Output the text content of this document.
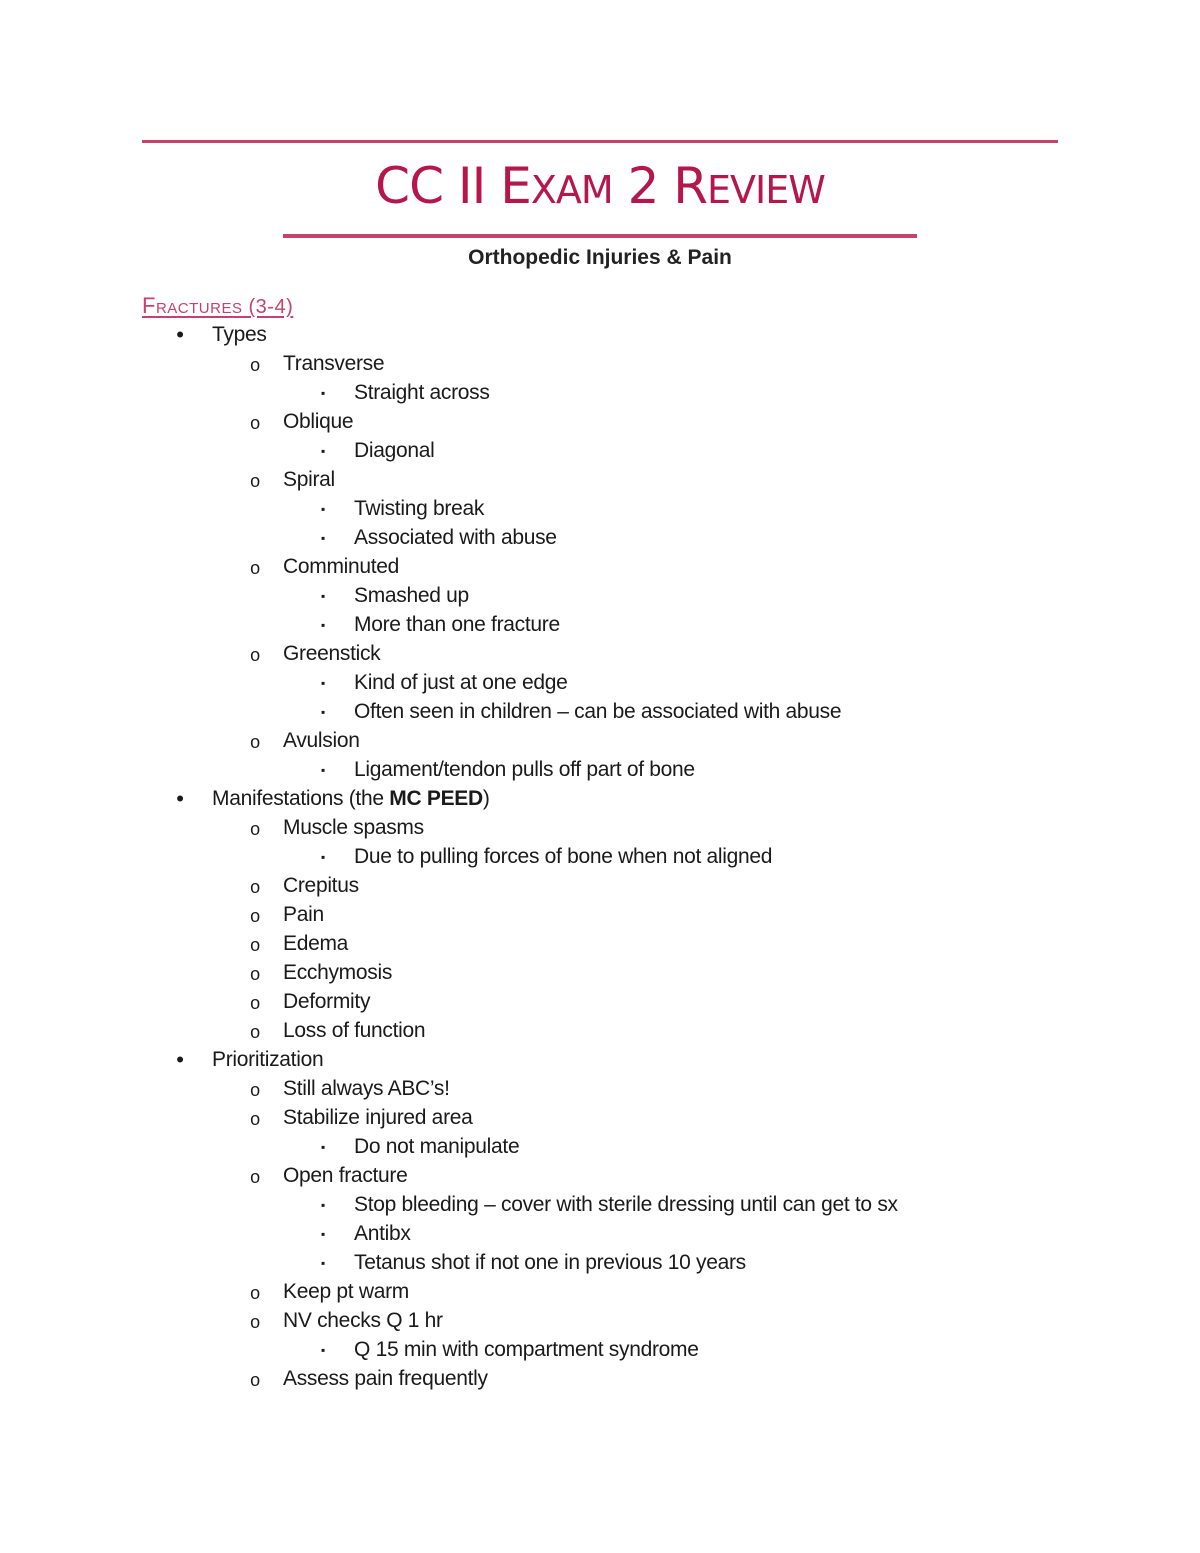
CC II EXAM 2 REVIEW
Orthopedic Injuries & Pain
FRACTURES (3-4)
• Types
o Transverse
▪	Straight across
o Oblique
▪	Diagonal
o Spiral
▪	Twisting break
▪	Associated with abuse
o Comminuted
▪	Smashed up
▪	More than one fracture
o Greenstick
▪	Kind of just at one edge
▪	Often seen in children – can be associated with abuse
o Avulsion
▪	Ligament/tendon pulls off part of bone
• Manifestations (the MC PEED)
o Muscle spasms
▪	Due to pulling forces of bone when not aligned
o Crepitus
o Pain
o Edema
o Ecchymosis
o Deformity
o Loss of function
• Prioritization
o Still always ABC’s!
o Stabilize injured area
▪	Do not manipulate
o Open fracture
▪	Stop bleeding – cover with sterile dressing until can get to sx
▪	Antibx
▪	Tetanus shot if not one in previous 10 years
o Keep pt warm
o NV checks Q 1 hr
▪	Q 15 min with compartment syndrome
o Assess pain frequently
